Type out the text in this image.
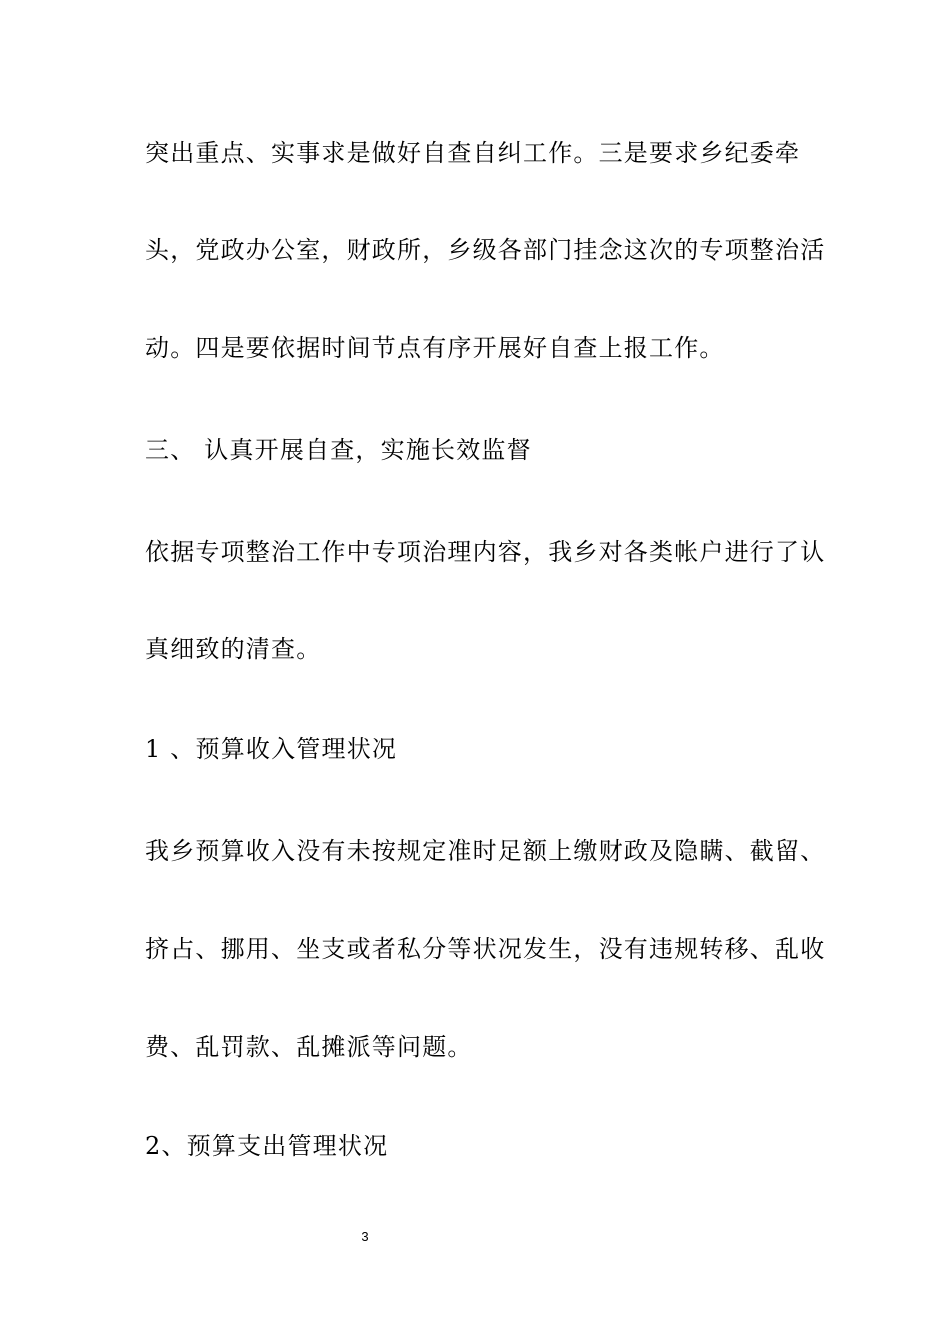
突出重点、实事求是做好自查自纠工作。三是要求乡纪委牵

头，党政办公室，财政所，乡级各部门挂念这次的专项整治活

动。四是要依据时间节点有序开展好自查上报工作。

三、 认真开展自查，实施长效监督

依据专项整治工作中专项治理内容，我乡对各类帐户进行了认

真细致的清查。

1 、预算收入管理状况

我乡预算收入没有未按规定准时足额上缴财政及隐瞒、截留、

挤占、挪用、坐支或者私分等状况发生，没有违规转移、乱收

费、乱罚款、乱摊派等问题。

2、预算支出管理状况

3
